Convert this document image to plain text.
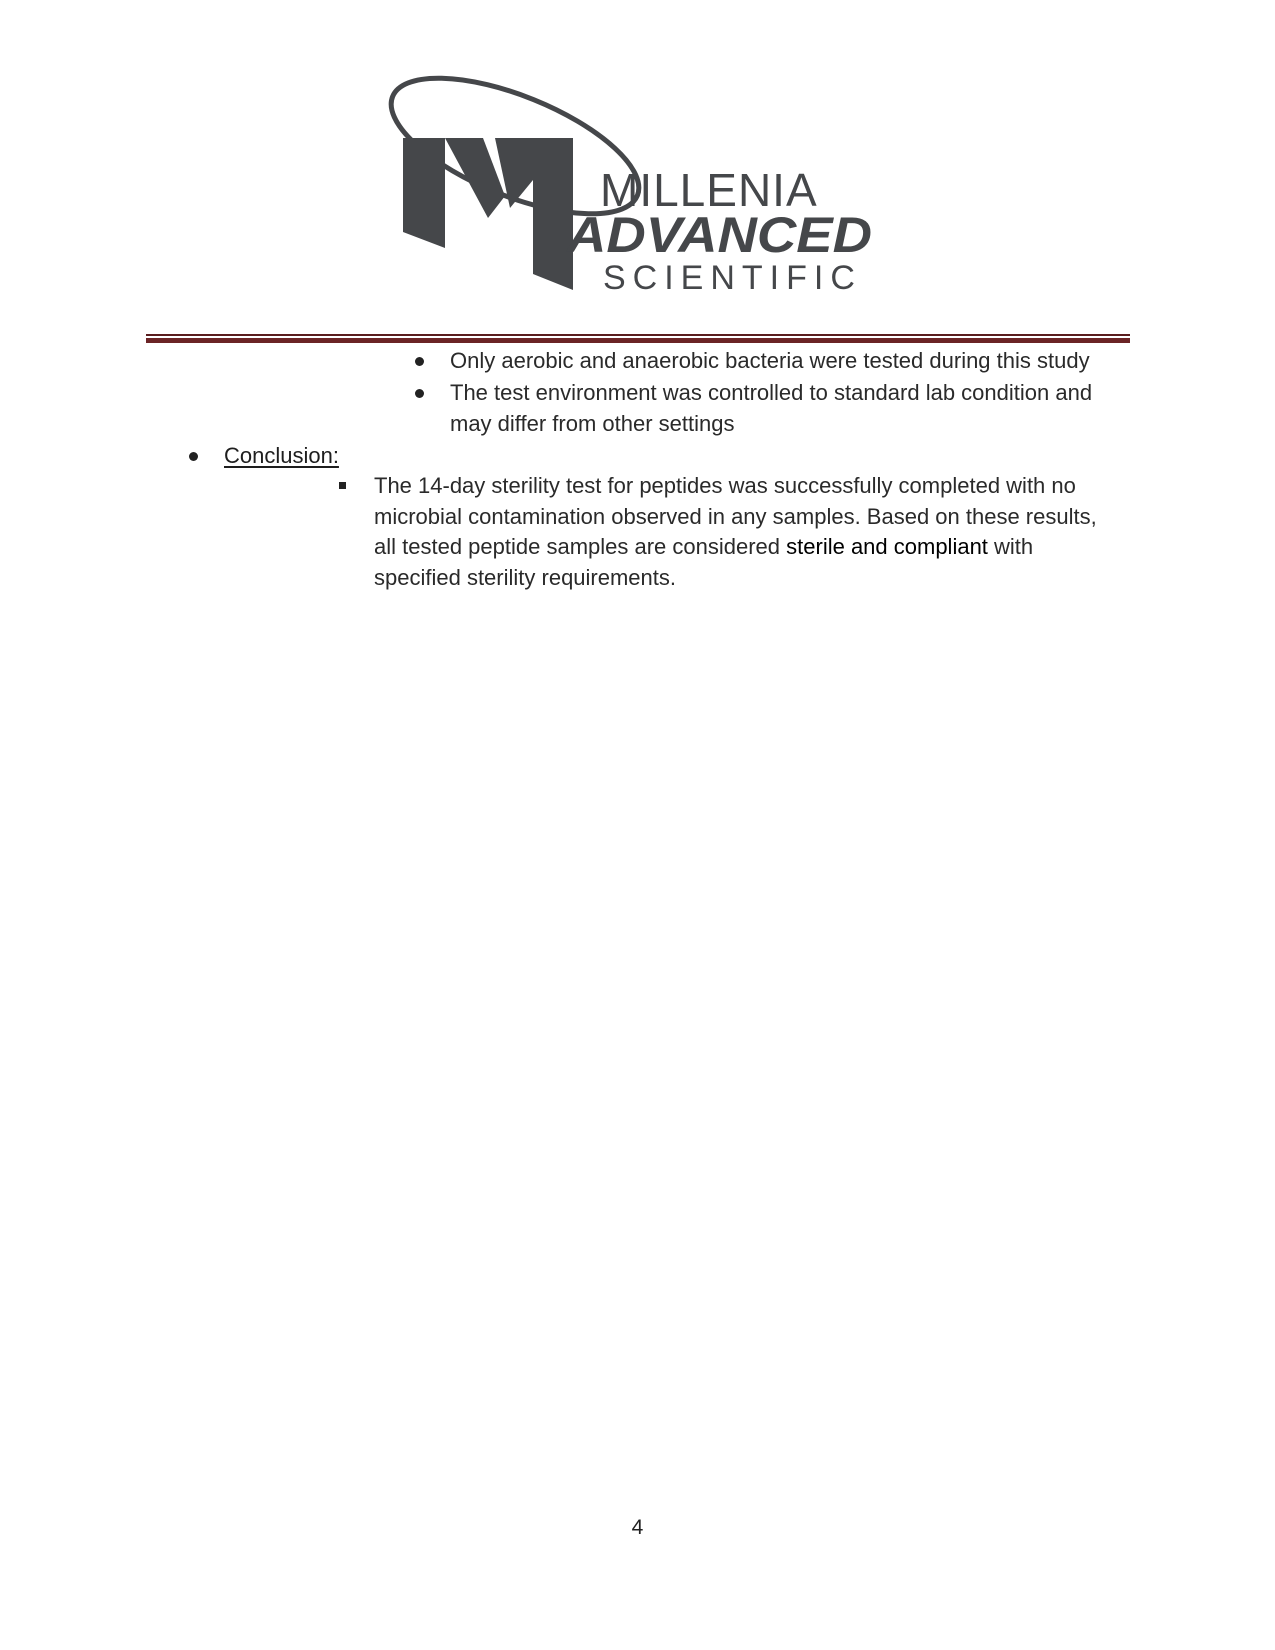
MILLENIA
ADVANCED
SCIENTIFIC
Only aerobic and anaerobic bacteria were tested during this study
The test environment was controlled to standard lab condition and
may differ from other settings
Conclusion:
The 14-day sterility test for peptides was successfully completed with no
microbial contamination observed in any samples. Based on these results,
all tested peptide samples are considered sterile and compliant with
specified sterility requirements.
4
